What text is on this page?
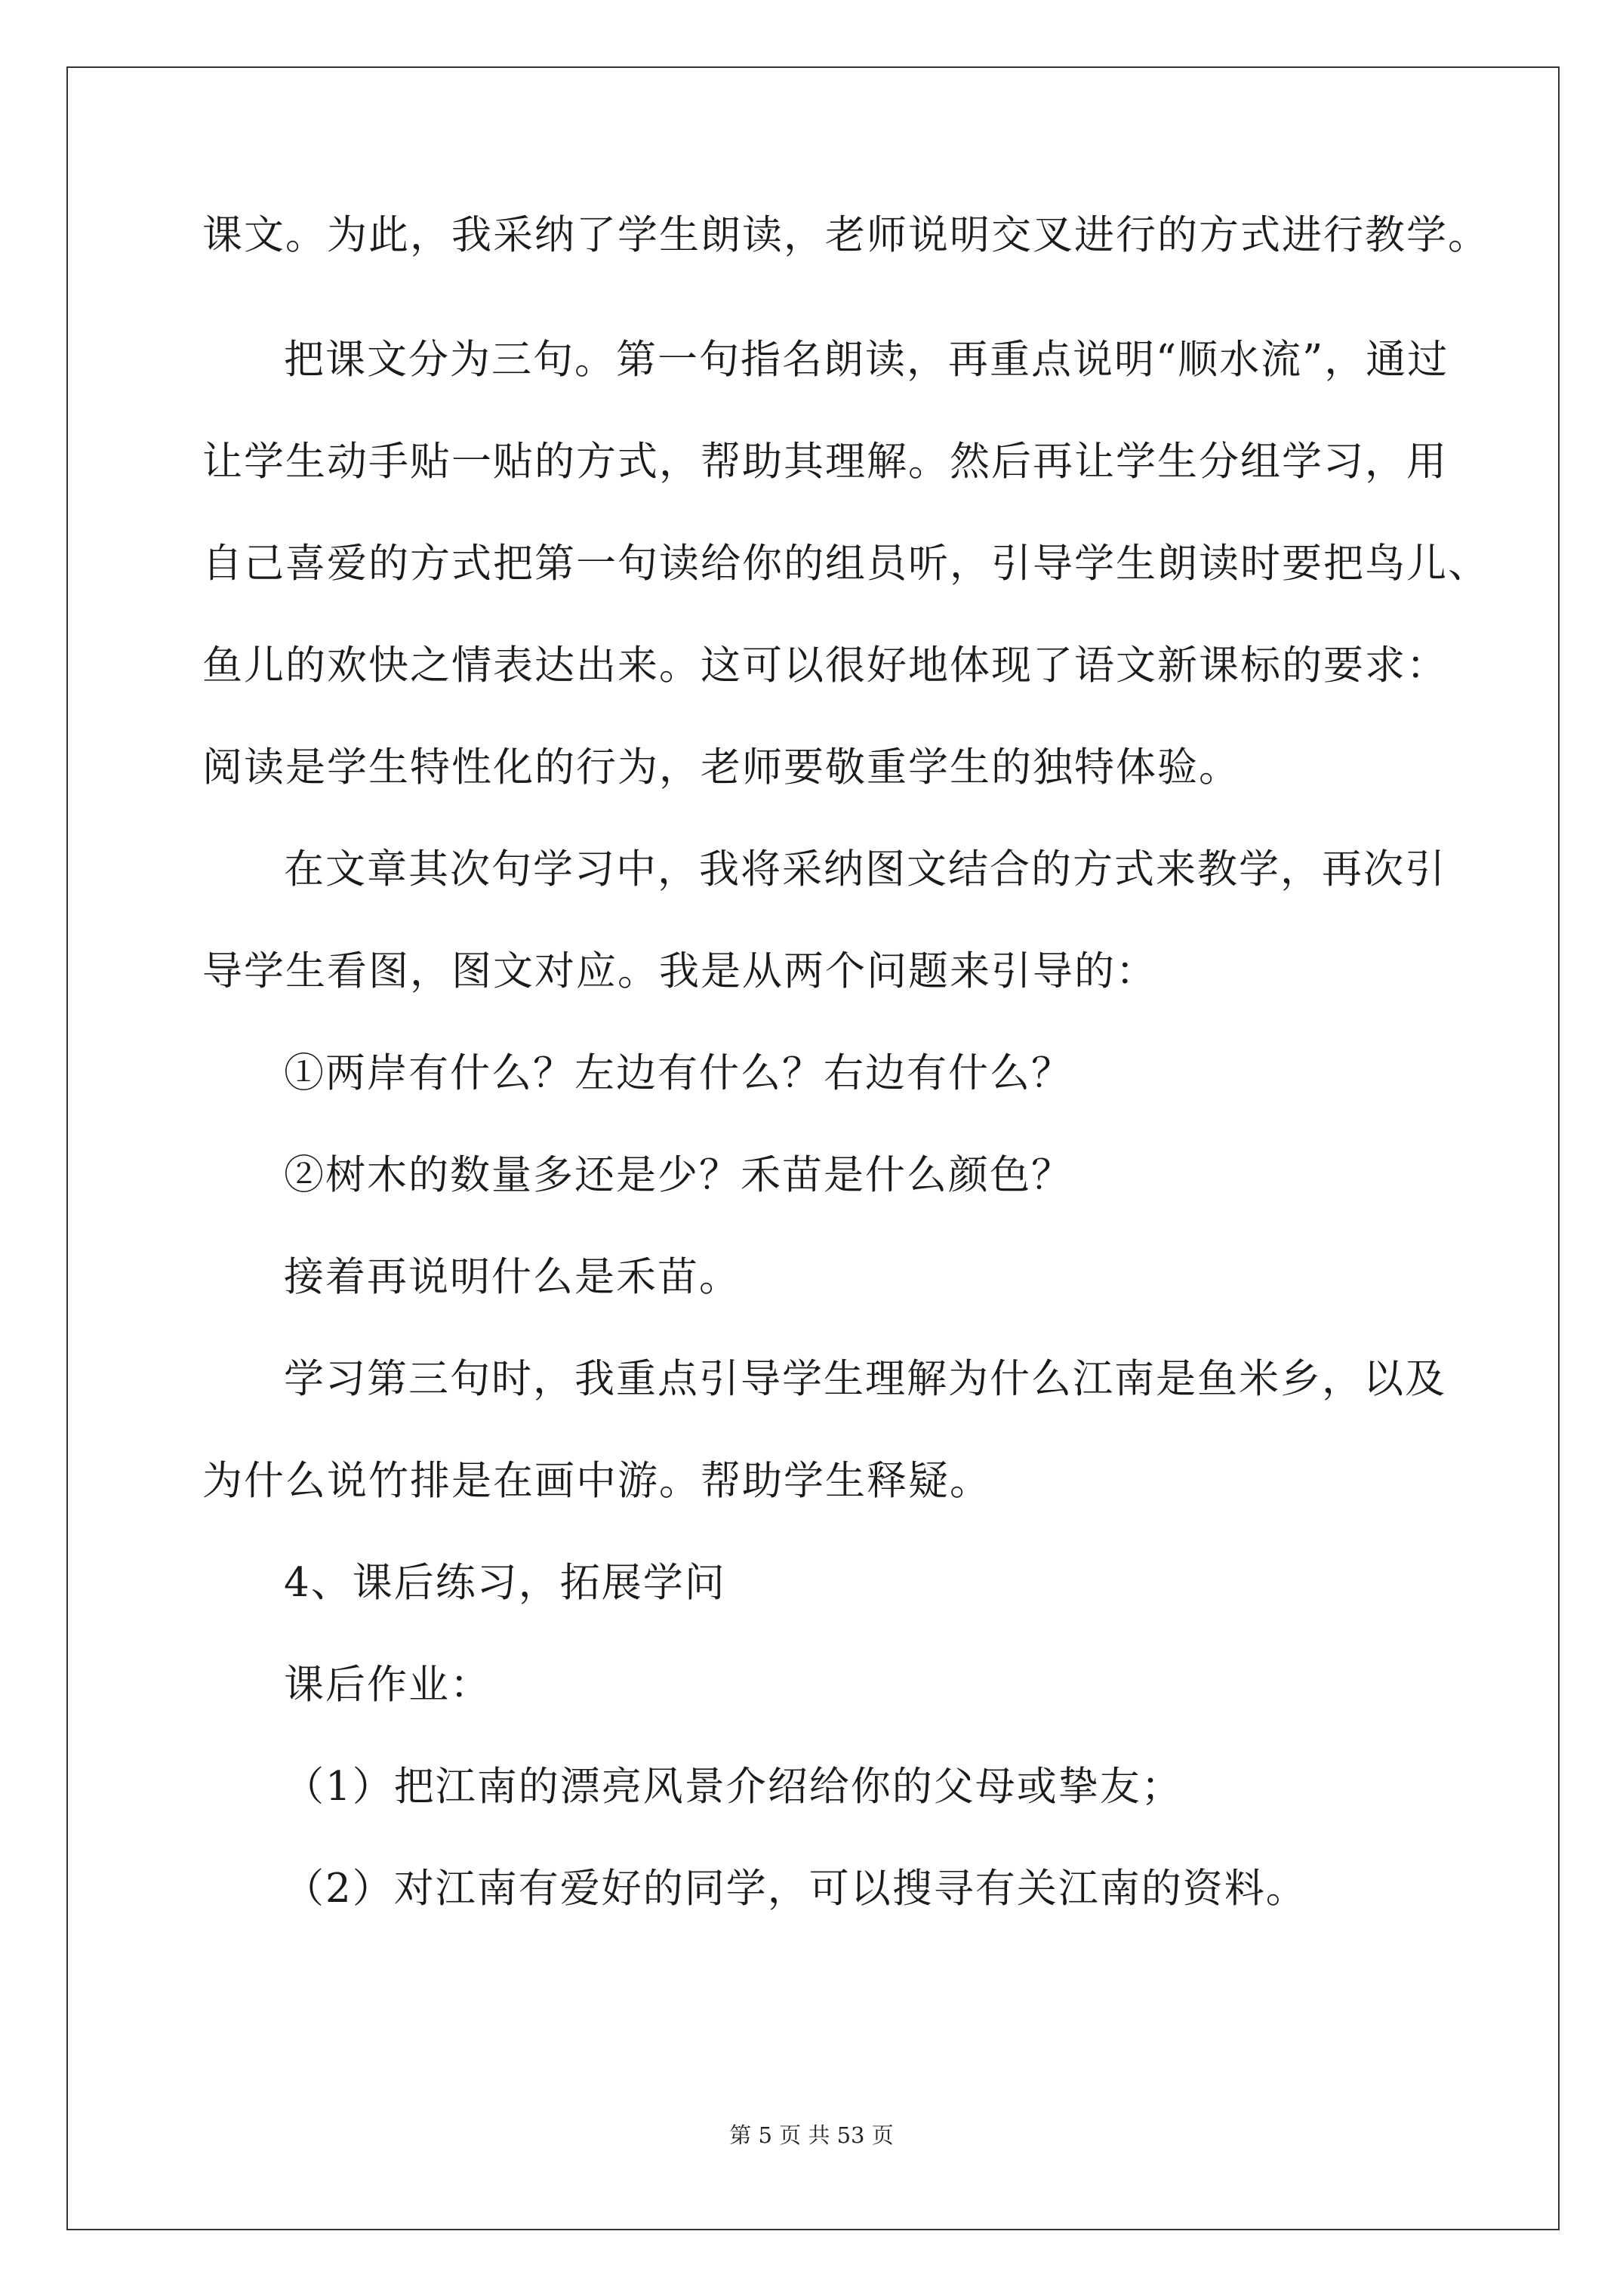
课文。为此，我采纳了学生朗读，老师说明交叉进行的方式进行教学。
把课文分为三句。第一句指名朗读，再重点说明“顺水流”，通过
让学生动手贴一贴的方式，帮助其理解。然后再让学生分组学习，用
自己喜爱的方式把第一句读给你的组员听，引导学生朗读时要把鸟儿、
鱼儿的欢快之情表达出来。这可以很好地体现了语文新课标的要求：
阅读是学生特性化的行为，老师要敬重学生的独特体验。
在文章其次句学习中，我将采纳图文结合的方式来教学，再次引
导学生看图，图文对应。我是从两个问题来引导的：
①两岸有什么？左边有什么？右边有什么？
②树木的数量多还是少？禾苗是什么颜色？
接着再说明什么是禾苗。
学习第三句时，我重点引导学生理解为什么江南是鱼米乡，以及
为什么说竹排是在画中游。帮助学生释疑。
4、课后练习，拓展学问
课后作业：
（1）把江南的漂亮风景介绍给你的父母或挚友；
（2）对江南有爱好的同学，可以搜寻有关江南的资料。
第 5 页 共 53 页
